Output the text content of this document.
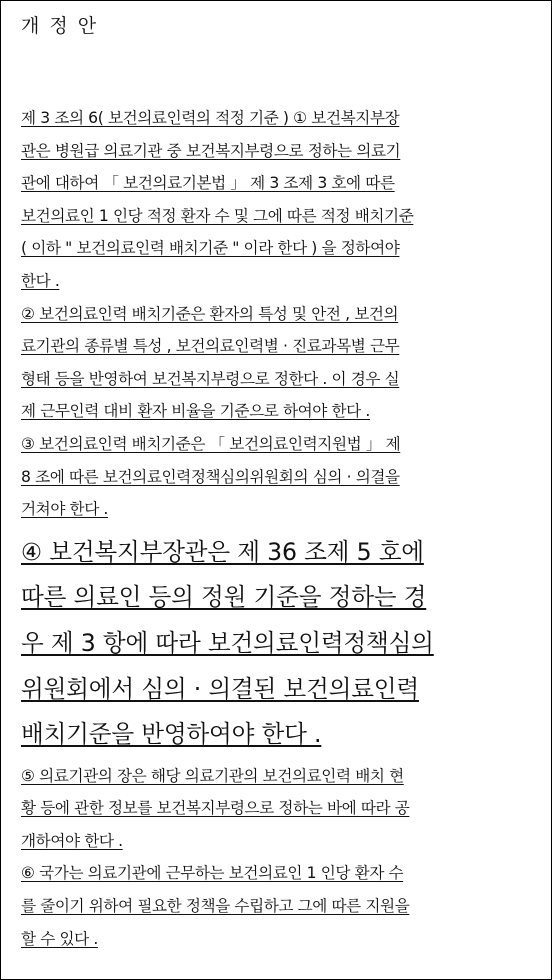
개 정 안
제 3 조의 6( 보건의료인력의 적정 기준 ) ① 보건복지부장
관은 병원급 의료기관 중 보건복지부령으로 정하는 의료기
관에 대하여 「 보건의료기본법 」 제 3 조제 3 호에 따른
보건의료인 1 인당 적정 환자 수 및 그에 따른 적정 배치기준
( 이하 " 보건의료인력 배치기준 " 이라 한다 ) 을 정하여야
한다 .
② 보건의료인력 배치기준은 환자의 특성 및 안전 , 보건의
료기관의 종류별 특성 , 보건의료인력별 · 진료과목별 근무
형태 등을 반영하여 보건복지부령으로 정한다 . 이 경우 실
제 근무인력 대비 환자 비율을 기준으로 하여야 한다 .
③ 보건의료인력 배치기준은 「 보건의료인력지원법 」 제
8 조에 따른 보건의료인력정책심의위원회의 심의 · 의결을
거쳐야 한다 .
④ 보건복지부장관은 제 36 조제 5 호에
따른 의료인 등의 정원 기준을 정하는 경
우 제 3 항에 따라 보건의료인력정책심의
위원회에서 심의 · 의결된 보건의료인력
배치기준을 반영하여야 한다 .
⑤ 의료기관의 장은 해당 의료기관의 보건의료인력 배치 현
황 등에 관한 정보를 보건복지부령으로 정하는 바에 따라 공
개하여야 한다 .
⑥ 국가는 의료기관에 근무하는 보건의료인 1 인당 환자 수
를 줄이기 위하여 필요한 정책을 수립하고 그에 따른 지원을
할 수 있다 .
